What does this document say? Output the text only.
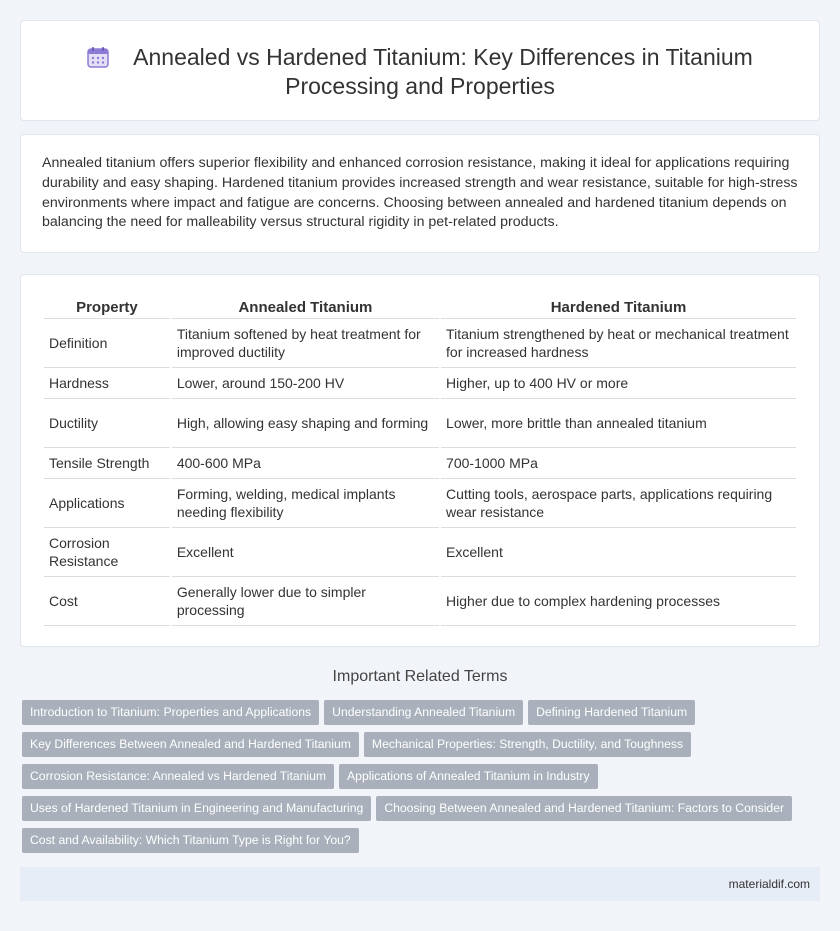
Annealed vs Hardened Titanium: Key Differences in Titanium Processing and Properties

Annealed titanium offers superior flexibility and enhanced corrosion resistance, making it ideal for applications requiring durability and easy shaping. Hardened titanium provides increased strength and wear resistance, suitable for high-stress environments where impact and fatigue are concerns. Choosing between annealed and hardened titanium depends on balancing the need for malleability versus structural rigidity in pet-related products.

Property	Annealed Titanium	Hardened Titanium
Definition	Titanium softened by heat treatment for improved ductility	Titanium strengthened by heat or mechanical treatment for increased hardness
Hardness	Lower, around 150-200 HV	Higher, up to 400 HV or more
Ductility	High, allowing easy shaping and forming	Lower, more brittle than annealed titanium
Tensile Strength	400-600 MPa	700-1000 MPa
Applications	Forming, welding, medical implants needing flexibility	Cutting tools, aerospace parts, applications requiring wear resistance
Corrosion Resistance	Excellent	Excellent
Cost	Generally lower due to simpler processing	Higher due to complex hardening processes
Important Related Terms
Introduction to Titanium: Properties and Applications Understanding Annealed Titanium Defining Hardened Titanium
Key Differences Between Annealed and Hardened Titanium Mechanical Properties: Strength, Ductility, and Toughness
Corrosion Resistance: Annealed vs Hardened Titanium Applications of Annealed Titanium in Industry
Uses of Hardened Titanium in Engineering and Manufacturing Choosing Between Annealed and Hardened Titanium: Factors to Consider
Cost and Availability: Which Titanium Type is Right for You?
materialdif.com
